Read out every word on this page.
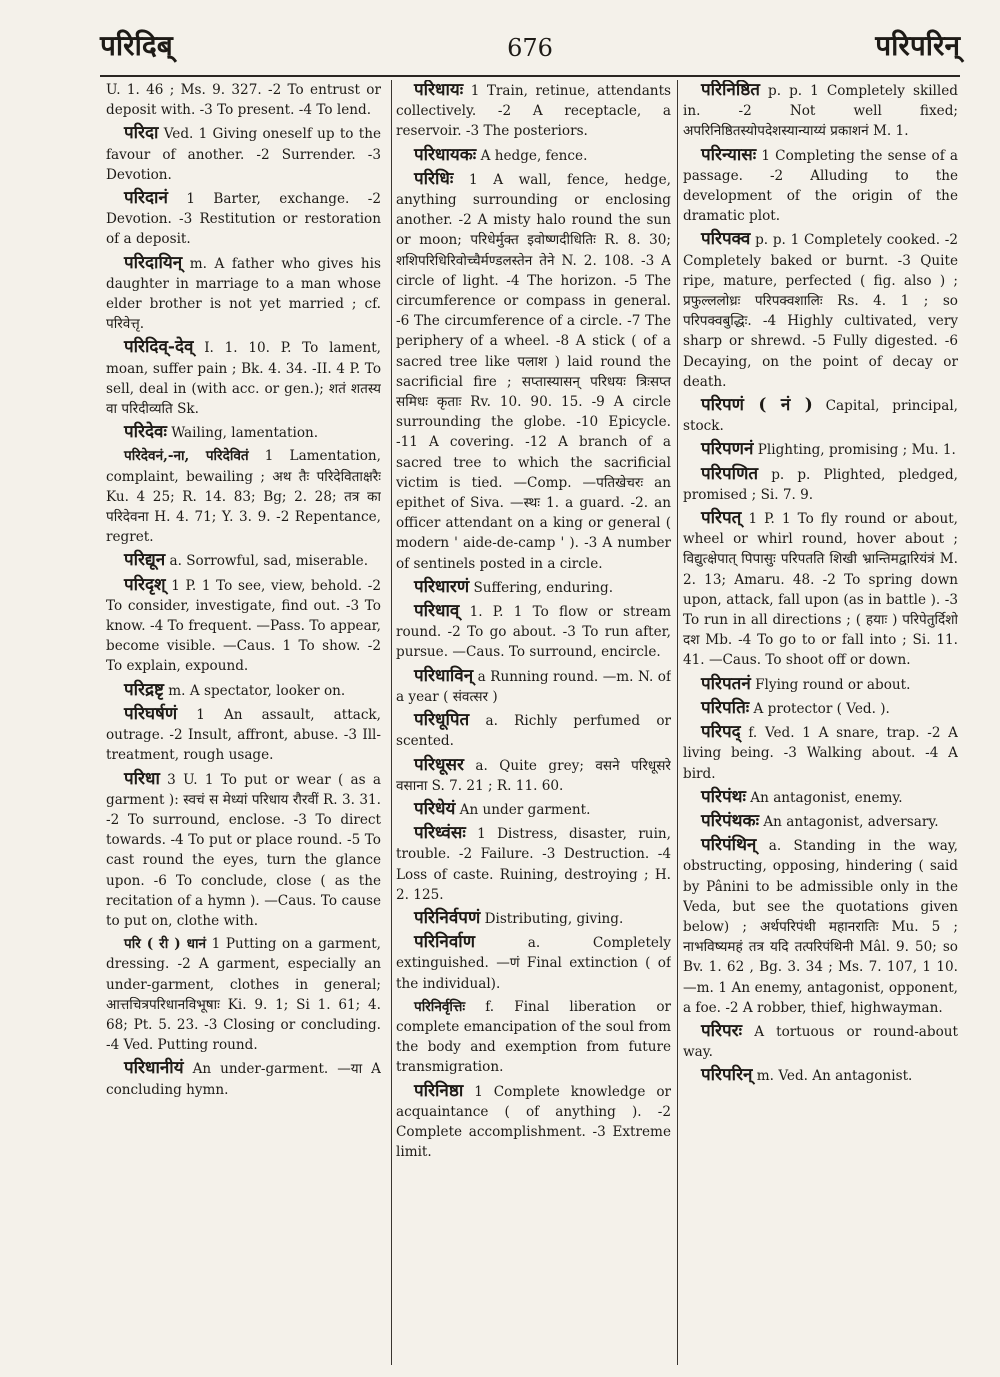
676
परिदिब्	परिपरिन्

U. 1. 46 ; Ms. 9. 327. -2 To entrust or deposit with. -3 To present. -4 To lend.

परिदा Ved. 1 Giving oneself up to the favour of another. -2 Surrender. -3 Devotion.

परिदानं 1 Barter, exchange. -2 Devotion. -3 Restitution or restoration of a deposit.

परिदायिन् m. A father who gives his daughter in marriage to a man whose elder brother is not yet married ; cf. परिवेत्तृ.

परिदिव्-देव् I. 1. 10. P. To lament, moan, suffer pain ; Bk. 4. 34. -II. 4 P. To sell, deal in (with acc. or gen.); शतं शतस्य वा परिदीव्यति Sk.

परिदेवः Wailing, lamentation.

परिदेवनं,-ना, परिदेवितं 1 Lamentation, complaint, bewailing ; अथ तैः परिदेविताक्षरैः Ku. 4 25; R. 14. 83; Bg; 2. 28; तत्र का परिदेवना H. 4. 71; Y. 3. 9. -2 Repentance, regret.

परिद्यून a. Sorrowful, sad, miserable.

परिदृश् 1 P. 1 To see, view, behold. -2 To consider, investigate, find out. -3 To know. -4 To frequent. —Pass. To appear, become visible. —Caus. 1 To show. -2 To explain, expound.

परिद्रष्टृ m. A spectator, looker on.

परिघर्षणं 1 An assault, attack, outrage. -2 Insult, affront, abuse. -3 Ill-treatment, rough usage.

परिधा 3 U. 1 To put or wear ( as a garment ): स्वचं स मेध्यां परिधाय रौरवीं R. 3. 31. -2 To surround, enclose. -3 To direct towards. -4 To put or place round. -5 To cast round the eyes, turn the glance upon. -6 To conclude, close ( as the recitation of a hymn ). —Caus. To cause to put on, clothe with.

परि ( री ) धानं 1 Putting on a garment, dressing. -2 A garment, especially an under-garment, clothes in general; आत्तचित्रपरिधानविभूषाः Ki. 9. 1; Si 1. 61; 4. 68; Pt. 5. 23. -3 Closing or concluding. -4 Ved. Putting round.

परिधानीयं An under-garment. —या A concluding hymn.

परिधायः 1 Train, retinue, attendants collectively. -2 A receptacle, a reservoir. -3 The posteriors.

परिधायकः A hedge, fence.

परिधिः 1 A wall, fence, hedge, anything surrounding or enclosing another. -2 A misty halo round the sun or moon; परिधेर्मुक्त इवोष्णदीधितिः R. 8. 30; शशिपरिधिरिवोच्चैर्मण्डलस्तेन तेने N. 2. 108. -3 A circle of light. -4 The horizon. -5 The circumference or compass in general. -6 The circumference of a circle. -7 The periphery of a wheel. -8 A stick ( of a sacred tree like पलाश ) laid round the sacrificial fire ; सप्तास्यासन् परिधयः त्रिःसप्त समिधः कृताः Rv. 10. 90. 15. -9 A circle surrounding the globe. -10 Epicycle. -11 A covering. -12 A branch of a sacred tree to which the sacrificial victim is tied. —Comp. —पतिखेचरः an epithet of Siva. —स्थः 1. a guard. -2. an officer attendant on a king or general ( modern ' aide-de-camp ' ). -3 A number of sentinels posted in a circle.

परिधारणं Suffering, enduring.

परिधाव् 1. P. 1 To flow or stream round. -2 To go about. -3 To run after, pursue. —Caus. To surround, encircle.

परिधाविन् a Running round. —m. N. of a year ( संवत्सर )

परिधूपित a. Richly perfumed or scented.

परिधूसर a. Quite grey; वसने परिधूसरे वसाना S. 7. 21 ; R. 11. 60.

परिधेयं An under garment.

परिध्वंसः 1 Distress, disaster, ruin, trouble. -2 Failure. -3 Destruction. -4 Loss of caste. Ruining, destroying ; H. 2. 125.

परिनिर्वपणं Distributing, giving.

परिनिर्वाण	a. Completely extinguished. —णं Final extinction ( of the individual).

परिनिर्वृत्तिः f. Final liberation or complete emancipation of the soul from the body and exemption from future transmigration.

परिनिष्ठा 1 Complete knowledge or acquaintance ( of anything ). -2 Complete accomplishment. -3 Extreme limit.

परिनिष्ठित p. p. 1 Completely skilled in. -2 Not well fixed; अपरिनिष्ठितस्योपदेशस्यान्याय्यं प्रकाशनं M. 1.

परिन्यासः 1 Completing the sense of a passage. -2 Alluding to the development of the origin of the dramatic plot.

परिपक्व p. p. 1 Completely cooked. -2 Completely baked or burnt. -3 Quite ripe, mature, perfected ( fig. also ) ; प्रफुल्ललोध्रः परिपक्वशालिः Rs. 4. 1 ; so परिपक्वबुद्धिः. -4 Highly cultivated, very sharp or shrewd. -5 Fully digested. -6 Decaying, on the point of decay or death.

परिपणं ( नं ) Capital, principal, stock.

परिपणनं Plighting, promising ; Mu. 1.

परिपणित p. p. Plighted, pledged, promised ; Si. 7. 9.

परिपत् 1 P. 1 To fly round or about, wheel or whirl round, hover about ; विद्युत्क्षेपात् पिपासुः परिपतति शिखी भ्रान्तिमद्वारियंत्रं M. 2. 13; Amaru. 48. -2 To spring down upon, attack, fall upon (as in battle ). -3 To run in all directions ; ( हयाः ) परिपेतुर्दिशो दश Mb. -4 To go to or fall into ; Si. 11. 41. —Caus. To shoot off or down.

परिपतनं Flying round or about.

परिपतिः A protector ( Ved. ).

परिपद् f. Ved. 1 A snare, trap. -2 A living being. -3 Walking about. -4 A bird.

परिपंथः An antagonist, enemy.

परिपंथकः An antagonist, adversary.

परिपंथिन् a. Standing in the way, obstructing, opposing, hindering ( said by Pânini to be admissible only in the Veda, but see the quotations given below) ; अर्थपरिपंथी महानरातिः Mu. 5 ; नाभविष्यमहं तत्र यदि तत्परिपंथिनी Mâl. 9. 50; so Bv. 1. 62 , Bg. 3. 34 ; Ms. 7. 107, 1 10. —m. 1 An enemy, antagonist, opponent, a foe. -2 A robber, thief, highwayman.

परिपरः A tortuous or round-about way.

परिपरिन् m. Ved. An antagonist.
